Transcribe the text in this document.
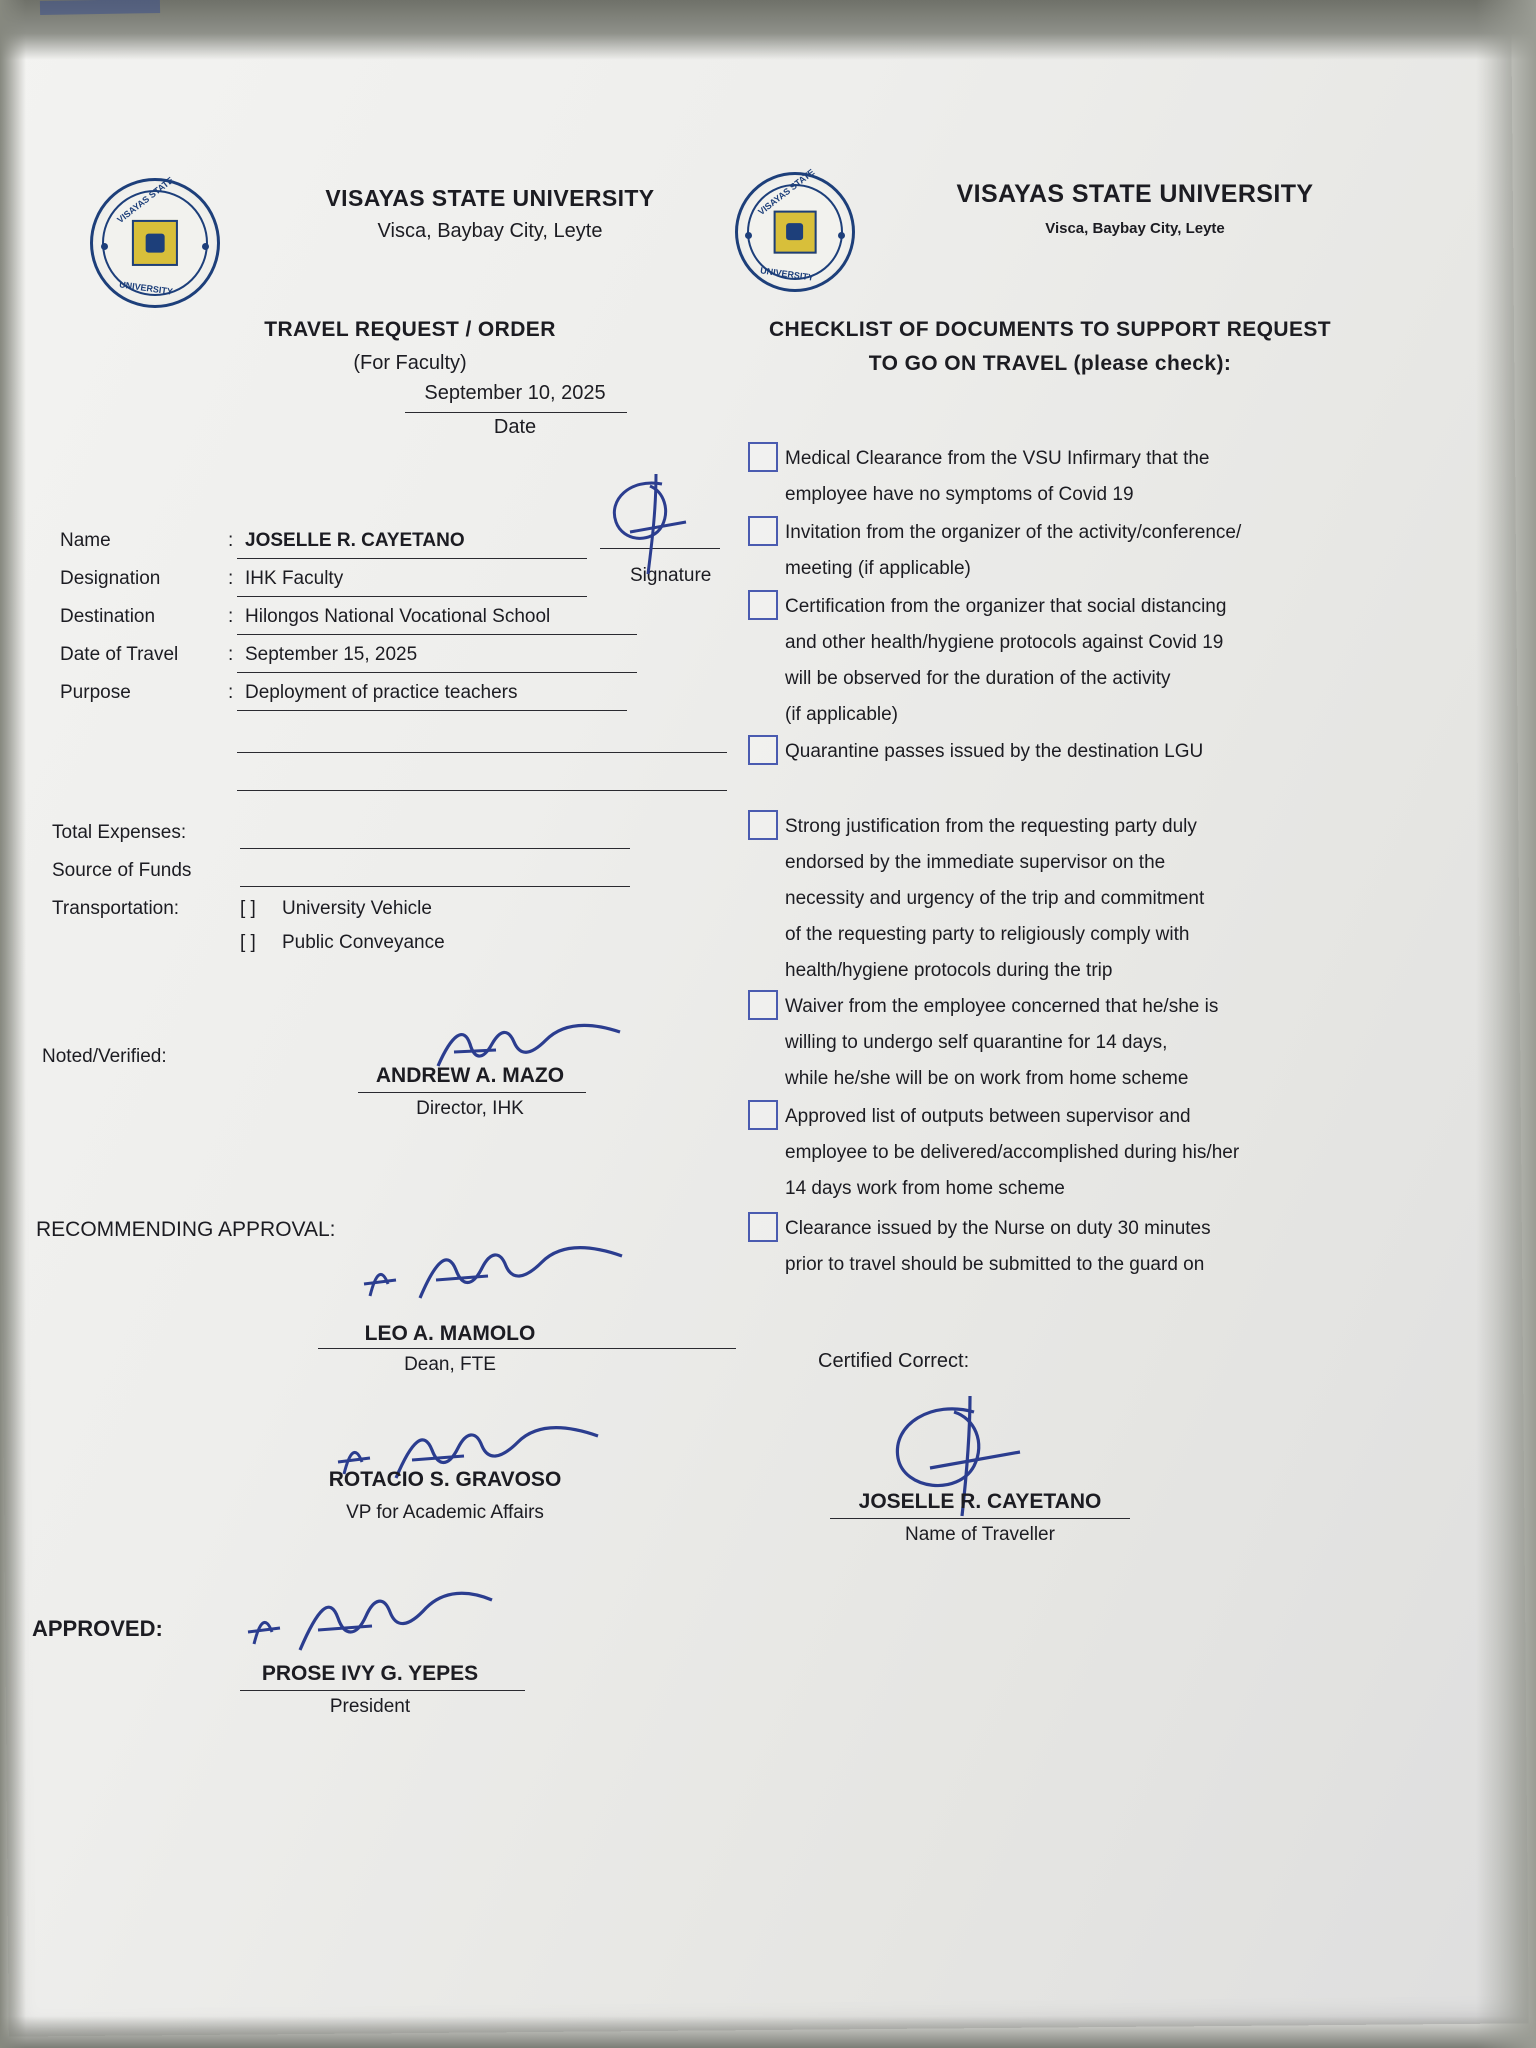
VISAYAS STATE
UNIVERSITY
VISAYAS STATE
UNIVERSITY
VISAYAS STATE UNIVERSITY
Visca, Baybay City, Leyte
TRAVEL REQUEST / ORDER
(For Faculty)
September 10, 2025
Date
VISAYAS STATE UNIVERSITY
Visca, Baybay City, Leyte
CHECKLIST OF DOCUMENTS TO SUPPORT REQUEST
TO GO ON TRAVEL (please check):
Name	: JOSELLE R. CAYETANO
Designation	: IHK Faculty
Destination	: Hilongos National Vocational School
Date of Travel	: September 15, 2025
Purpose	: Deployment of practice teachers
Signature
Total Expenses:
Source of Funds
Transportation:	[ ] University Vehicle
[ ] Public Conveyance
Noted/Verified:
ANDREW A. MAZO
Director, IHK
RECOMMENDING APPROVAL:
LEO A. MAMOLO
Dean, FTE
ROTACIO S. GRAVOSO
VP for Academic Affairs
APPROVED:
PROSE IVY G. YEPES
President
Certified Correct:
JOSELLE R. CAYETANO
Name of Traveller
Medical Clearance from the VSU Infirmary that the
employee have no symptoms of Covid 19
Invitation from the organizer of the activity/conference/
meeting (if applicable)
Certification from the organizer that social distancing
and other health/hygiene protocols against Covid 19
will be observed for the duration of the activity
(if applicable)
Quarantine passes issued by the destination LGU
Strong justification from the requesting party duly
endorsed by the immediate supervisor on the
necessity and urgency of the trip and commitment
of the requesting party to religiously comply with
health/hygiene protocols during the trip
Waiver from the employee concerned that he/she is
willing to undergo self quarantine for 14 days,
while he/she will be on work from home scheme
Approved list of outputs between supervisor and
employee to be delivered/accomplished during his/her
14 days work from home scheme
Clearance issued by the Nurse on duty 30 minutes
prior to travel should be submitted to the guard on
